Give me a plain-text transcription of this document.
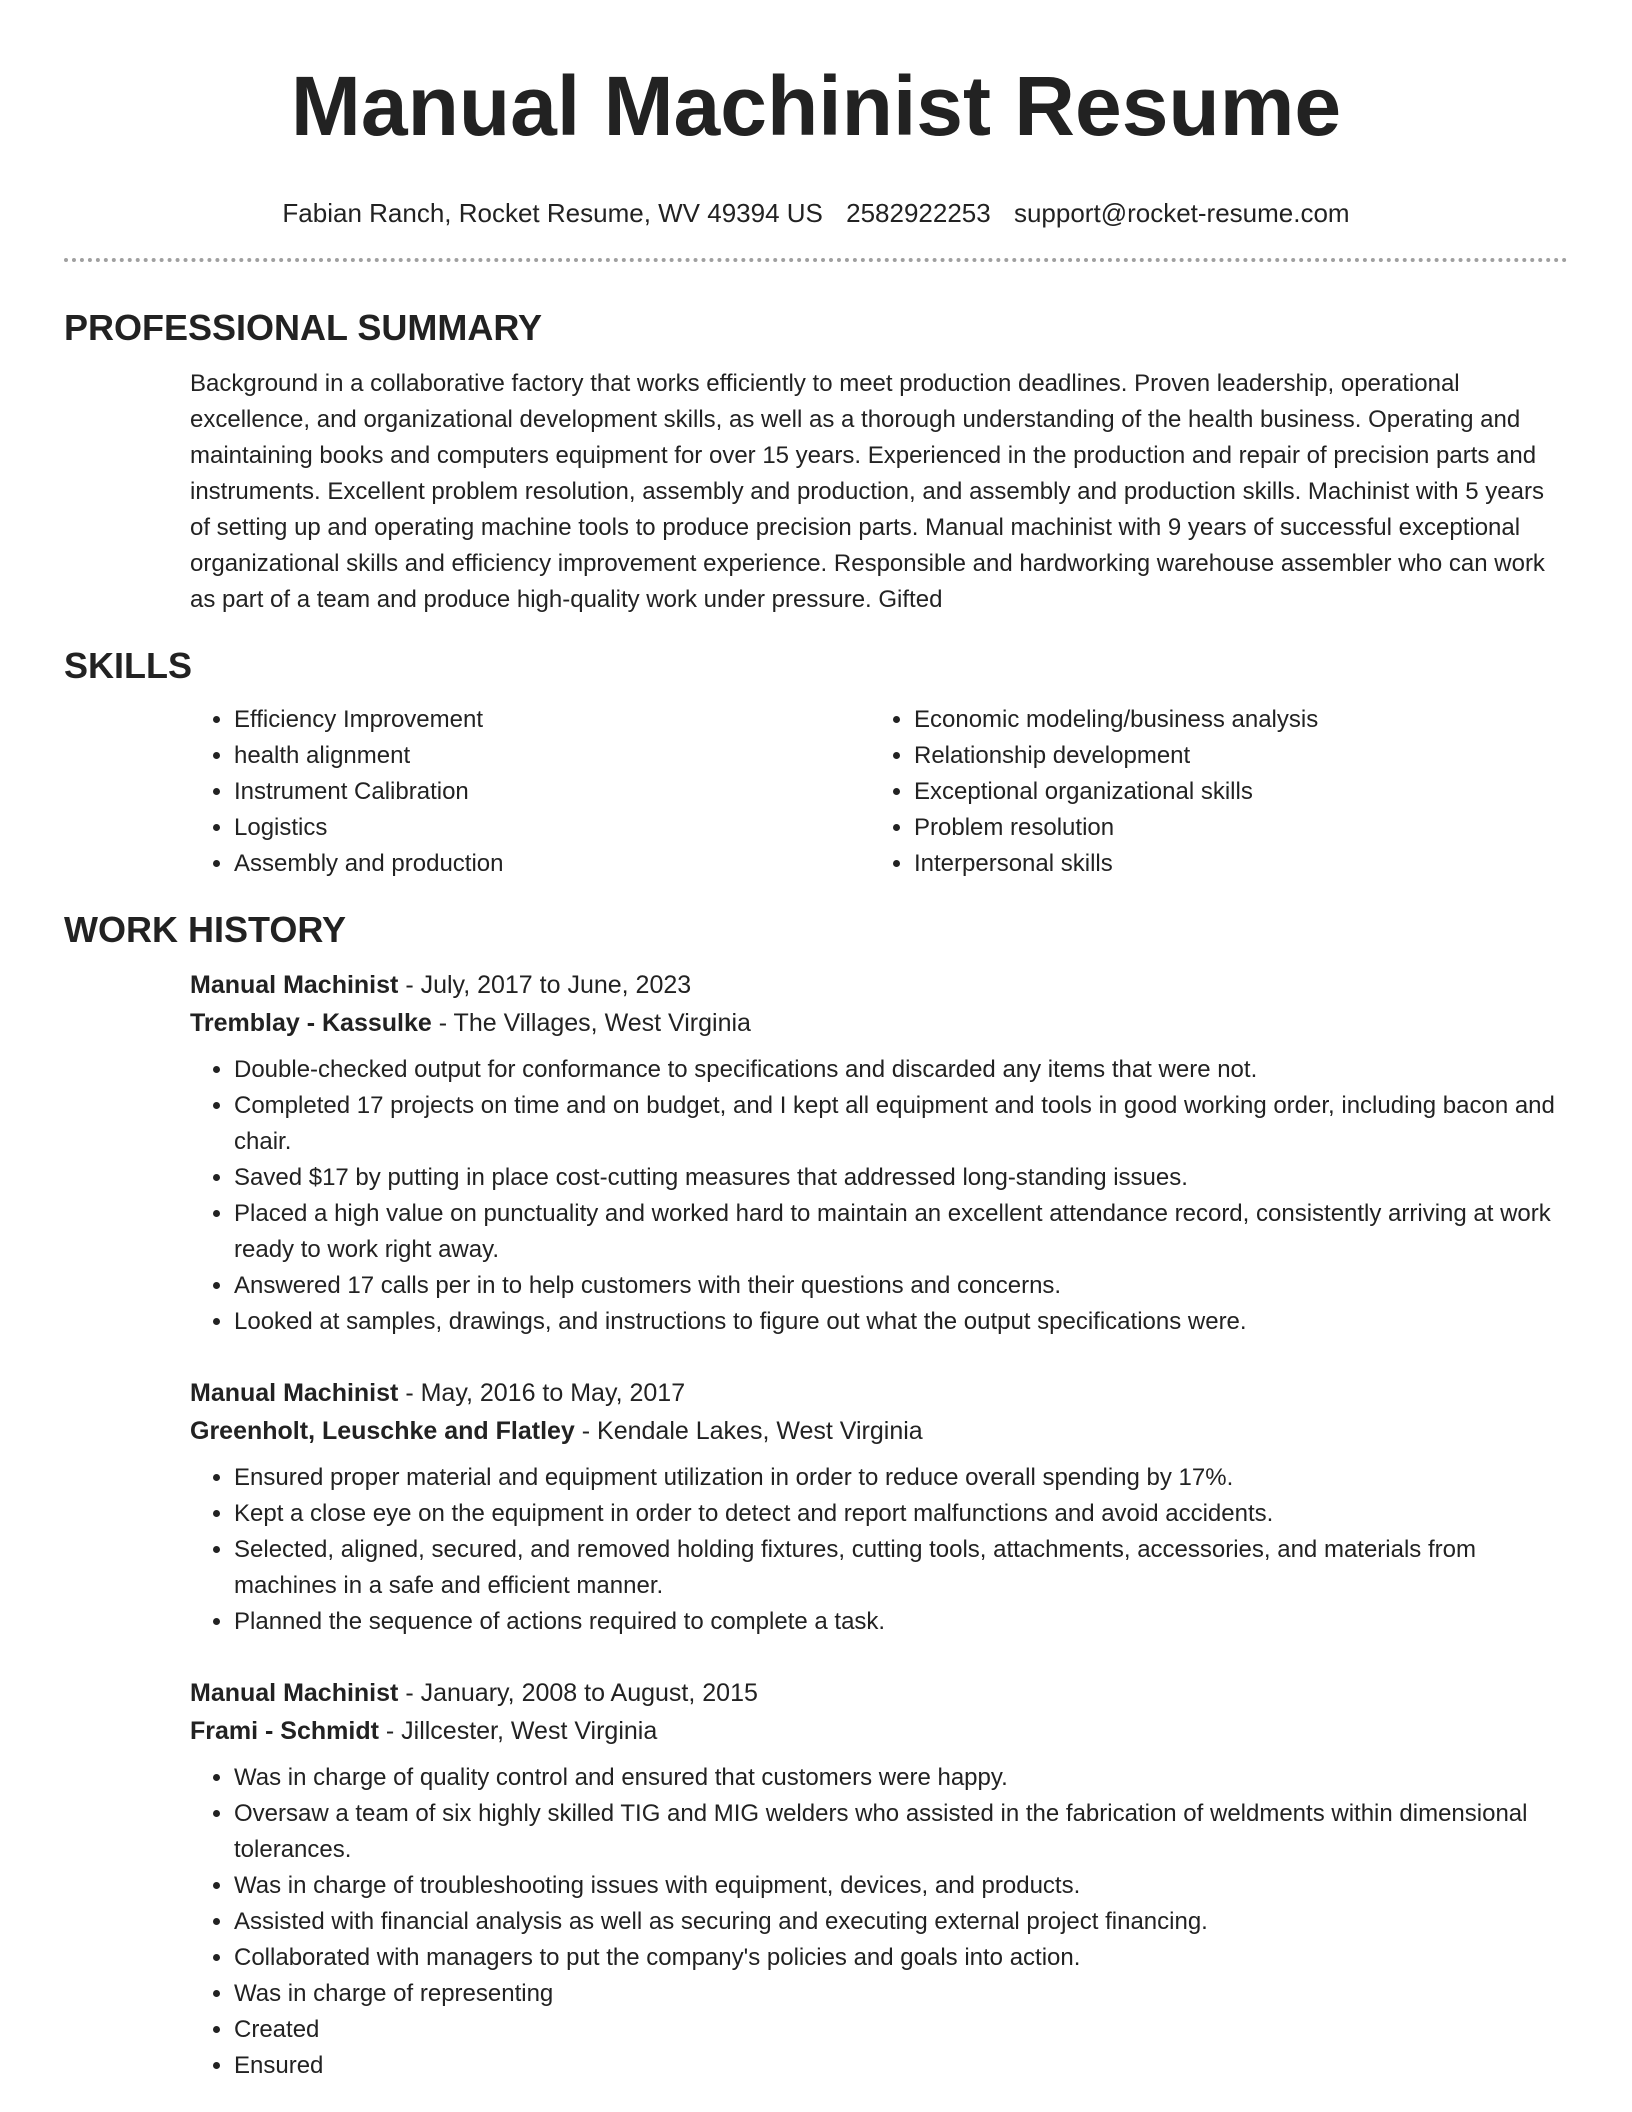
Manual Machinist Resume
Fabian Ranch, Rocket Resume, WV 49394 US 2582922253 support@rocket-resume.com
PROFESSIONAL SUMMARY

Background in a collaborative factory that works efficiently to meet production deadlines. Proven leadership, operational excellence, and organizational development skills, as well as a thorough understanding of the health business. Operating and maintaining books and computers equipment for over 15 years. Experienced in the production and repair of precision parts and instruments. Excellent problem resolution, assembly and production, and assembly and production skills. Machinist with 5 years of setting up and operating machine tools to produce precision parts. Manual machinist with 9 years of successful exceptional organizational skills and efficiency improvement experience. Responsible and hardworking warehouse assembler who can work as part of a team and produce high-quality work under pressure. Gifted

SKILLS
• Efficiency Improvement
• health alignment
• Instrument Calibration
• Logistics
• Assembly and production
• Economic modeling/business analysis
• Relationship development
• Exceptional organizational skills
• Problem resolution
• Interpersonal skills
WORK HISTORY
Manual Machinist - July, 2017 to June, 2023
Tremblay - Kassulke - The Villages, West Virginia
• Double-checked output for conformance to specifications and discarded any items that were not.
• Completed 17 projects on time and on budget, and I kept all equipment and tools in good working order, including bacon and chair.
• Saved $17 by putting in place cost-cutting measures that addressed long-standing issues.
• Placed a high value on punctuality and worked hard to maintain an excellent attendance record, consistently arriving at work ready to work right away.
• Answered 17 calls per in to help customers with their questions and concerns.
• Looked at samples, drawings, and instructions to figure out what the output specifications were.
Manual Machinist - May, 2016 to May, 2017
Greenholt, Leuschke and Flatley - Kendale Lakes, West Virginia
• Ensured proper material and equipment utilization in order to reduce overall spending by 17%.
• Kept a close eye on the equipment in order to detect and report malfunctions and avoid accidents.
• Selected, aligned, secured, and removed holding fixtures, cutting tools, attachments, accessories, and materials from machines in a safe and efficient manner.
• Planned the sequence of actions required to complete a task.
Manual Machinist - January, 2008 to August, 2015
Frami - Schmidt - Jillcester, West Virginia
• Was in charge of quality control and ensured that customers were happy.
• Oversaw a team of six highly skilled TIG and MIG welders who assisted in the fabrication of weldments within dimensional tolerances.
• Was in charge of troubleshooting issues with equipment, devices, and products.
• Assisted with financial analysis as well as securing and executing external project financing.
• Collaborated with managers to put the company's policies and goals into action.
• Was in charge of representing
• Created
• Ensured
